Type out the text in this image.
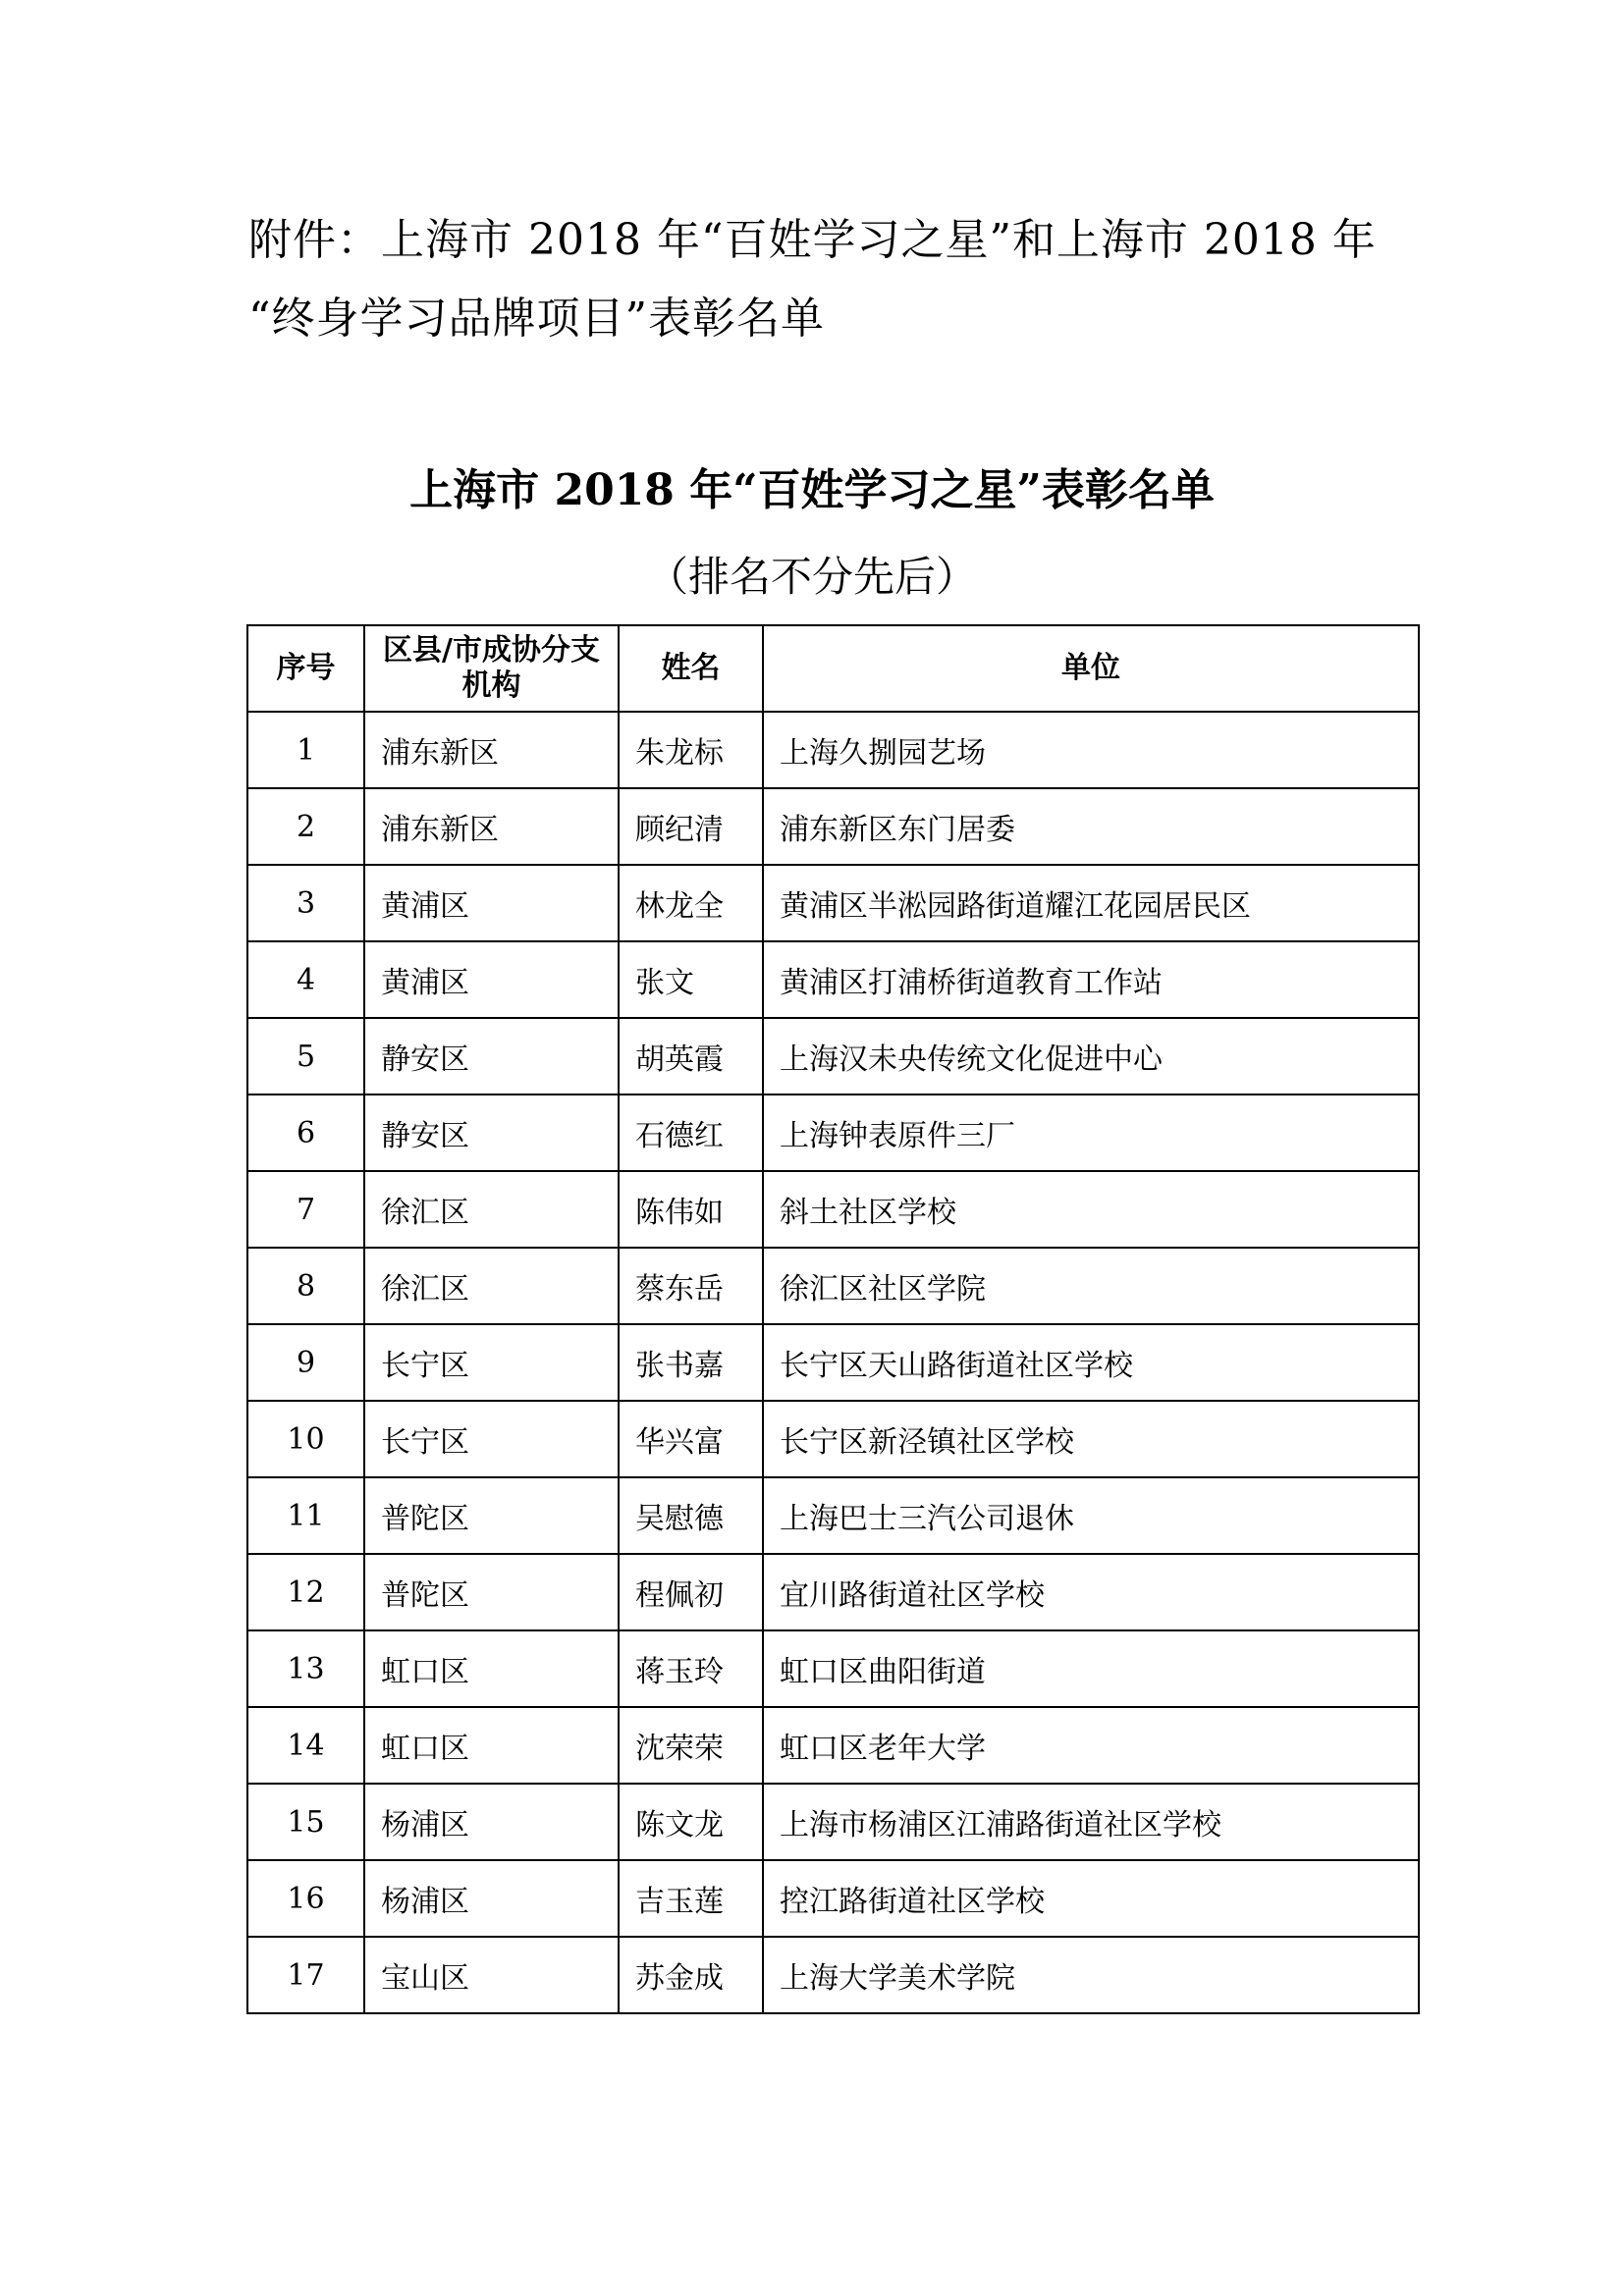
附件：上海市 2018 年“百姓学习之星”和上海市 2018 年
“终身学习品牌项目”表彰名单
上海市 2018 年“百姓学习之星”表彰名单
（排名不分先后）
序号	区县/市成协分支机构	姓名	单位
1	浦东新区	朱龙标	上海久捌园艺场
2	浦东新区	顾纪清	浦东新区东门居委
3	黄浦区	林龙全	黄浦区半淞园路街道耀江花园居民区
4	黄浦区	张文	黄浦区打浦桥街道教育工作站
5	静安区	胡英霞	上海汉未央传统文化促进中心
6	静安区	石德红	上海钟表原件三厂
7	徐汇区	陈伟如	斜土社区学校
8	徐汇区	蔡东岳	徐汇区社区学院
9	长宁区	张书嘉	长宁区天山路街道社区学校
10	长宁区	华兴富	长宁区新泾镇社区学校
11	普陀区	吴慰德	上海巴士三汽公司退休
12	普陀区	程佩初	宜川路街道社区学校
13	虹口区	蒋玉玲	虹口区曲阳街道
14	虹口区	沈荣荣	虹口区老年大学
15	杨浦区	陈文龙	上海市杨浦区江浦路街道社区学校
16	杨浦区	吉玉莲	控江路街道社区学校
17	宝山区	苏金成	上海大学美术学院
